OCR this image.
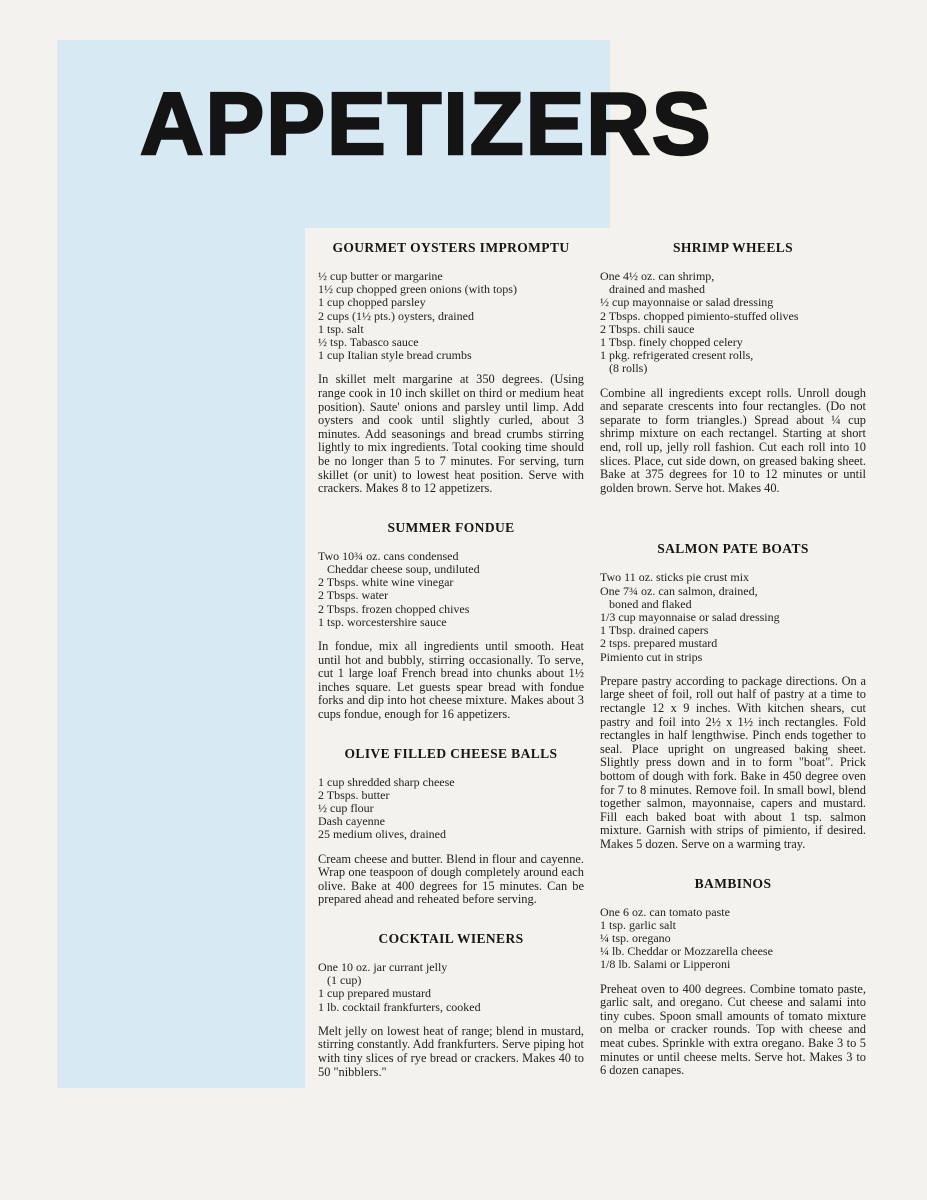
APPETIZERS
GOURMET OYSTERS IMPROMPTU
½ cup butter or margarine
1½ cup chopped green onions (with tops)
1 cup chopped parsley
2 cups (1½ pts.) oysters, drained
1 tsp. salt
½ tsp. Tabasco sauce
1 cup Italian style bread crumbs

In skillet melt margarine at 350 degrees. (Using range cook in 10 inch skillet on third or medium heat position). Saute' onions and parsley until limp. Add oysters and cook until slightly curled, about 3 minutes. Add seasonings and bread crumbs stirring lightly to mix ingredients. Total cooking time should be no longer than 5 to 7 minutes. For serving, turn skillet (or unit) to lowest heat position. Serve with crackers. Makes 8 to 12 appetizers.

SUMMER FONDUE
Two 10¾ oz. cans condensed
Cheddar cheese soup, undiluted
2 Tbsps. white wine vinegar
2 Tbsps. water
2 Tbsps. frozen chopped chives
1 tsp. worcestershire sauce

In fondue, mix all ingredients until smooth. Heat until hot and bubbly, stirring occasionally. To serve, cut 1 large loaf French bread into chunks about 1½ inches square. Let guests spear bread with fondue forks and dip into hot cheese mixture. Makes about 3 cups fondue, enough for 16 appetizers.

OLIVE FILLED CHEESE BALLS
1 cup shredded sharp cheese
2 Tbsps. butter
½ cup flour
Dash cayenne
25 medium olives, drained

Cream cheese and butter. Blend in flour and cayenne. Wrap one teaspoon of dough completely around each olive. Bake at 400 degrees for 15 minutes. Can be prepared ahead and reheated before serving.

COCKTAIL WIENERS
One 10 oz. jar currant jelly
(1 cup)
1 cup prepared mustard
1 lb. cocktail frankfurters, cooked

Melt jelly on lowest heat of range; blend in mustard, stirring constantly. Add frankfurters. Serve piping hot with tiny slices of rye bread or crackers. Makes 40 to 50 "nibblers."

SHRIMP WHEELS
One 4½ oz. can shrimp,
drained and mashed
½ cup mayonnaise or salad dressing
2 Tbsps. chopped pimiento-stuffed olives
2 Tbsps. chili sauce
1 Tbsp. finely chopped celery
1 pkg. refrigerated cresent rolls,
(8 rolls)

Combine all ingredients except rolls. Unroll dough and separate crescents into four rectangles. (Do not separate to form triangles.) Spread about ¼ cup shrimp mixture on each rectangel. Starting at short end, roll up, jelly roll fashion. Cut each roll into 10 slices. Place, cut side down, on greased baking sheet. Bake at 375 degrees for 10 to 12 minutes or until golden brown. Serve hot. Makes 40.

SALMON PATE BOATS
Two 11 oz. sticks pie crust mix
One 7¾ oz. can salmon, drained,
boned and flaked
1/3 cup mayonnaise or salad dressing
1 Tbsp. drained capers
2 tsps. prepared mustard
Pimiento cut in strips

Prepare pastry according to package directions. On a large sheet of foil, roll out half of pastry at a time to rectangle 12 x 9 inches. With kitchen shears, cut pastry and foil into 2½ x 1½ inch rectangles. Fold rectangles in half lengthwise. Pinch ends together to seal. Place upright on ungreased baking sheet. Slightly press down and in to form "boat". Prick bottom of dough with fork. Bake in 450 degree oven for 7 to 8 minutes. Remove foil. In small bowl, blend together salmon, mayonnaise, capers and mustard. Fill each baked boat with about 1 tsp. salmon mixture. Garnish with strips of pimiento, if desired. Makes 5 dozen. Serve on a warming tray.

BAMBINOS
One 6 oz. can tomato paste
1 tsp. garlic salt
¼ tsp. oregano
¼ lb. Cheddar or Mozzarella cheese
1/8 lb. Salami or Lipperoni

Preheat oven to 400 degrees. Combine tomato paste, garlic salt, and oregano. Cut cheese and salami into tiny cubes. Spoon small amounts of tomato mixture on melba or cracker rounds. Top with cheese and meat cubes. Sprinkle with extra oregano. Bake 3 to 5 minutes or until cheese melts. Serve hot. Makes 3 to 6 dozen canapes.
